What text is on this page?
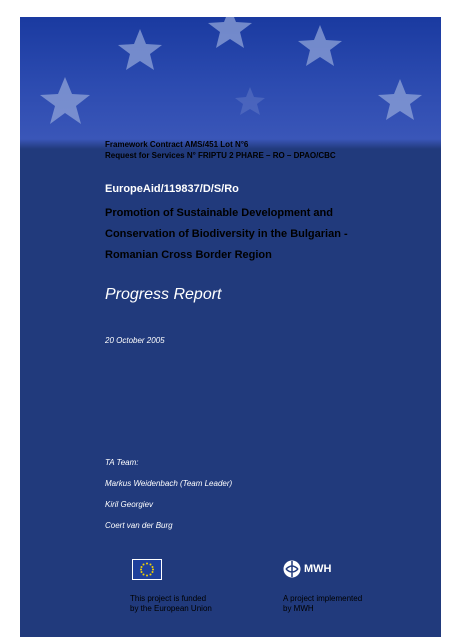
Framework Contract AMS/451 Lot N°6
Request for Services N° FRIPTU 2 PHARE – RO – DPAO/CBC
EuropeAid/119837/D/S/Ro
Promotion of Sustainable Development and
Conservation of Biodiversity in the Bulgarian -
Romanian Cross Border Region
Progress Report
20 October 2005
TA Team:
Markus Weidenbach (Team Leader)
Kiril Georgiev
Coert van der Burg
MWH
This project is funded
by the European Union
A project implemented
by MWH
